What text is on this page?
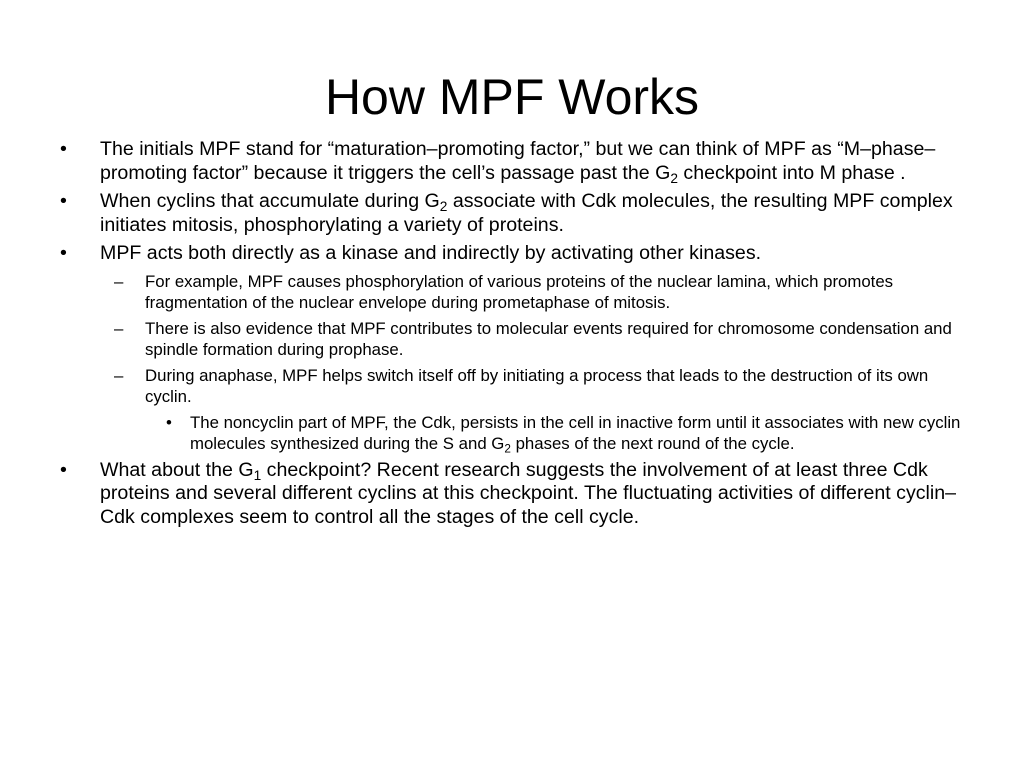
How MPF Works
• The initials MPF stand for “maturation–promoting factor,” but we can think of MPF as “M–phase–promoting factor” because it triggers the cell’s passage past the $G_2$ checkpoint into M phase .
• When cyclins that accumulate during $G_2$ associate with Cdk molecules, the resulting MPF complex initiates mitosis, phosphorylating a variety of proteins.
• MPF acts both directly as a kinase and indirectly by activating other kinases.
– For example, MPF causes phosphorylation of various proteins of the nuclear lamina, which promotes fragmentation of the nuclear envelope during prometaphase of mitosis.
– There is also evidence that MPF contributes to molecular events required for chromosome condensation and spindle formation during prophase.
– During anaphase, MPF helps switch itself off by initiating a process that leads to the destruction of its own cyclin.
• The noncyclin part of MPF, the Cdk, persists in the cell in inactive form until it associates with new cyclin molecules synthesized during the S and $G_2$ phases of the next round of the cycle.
• What about the $G_1$ checkpoint? Recent research suggests the involvement of at least three Cdk proteins and several different cyclins at this checkpoint. The fluctuating activities of different cyclin–Cdk complexes seem to control all the stages of the cell cycle.
